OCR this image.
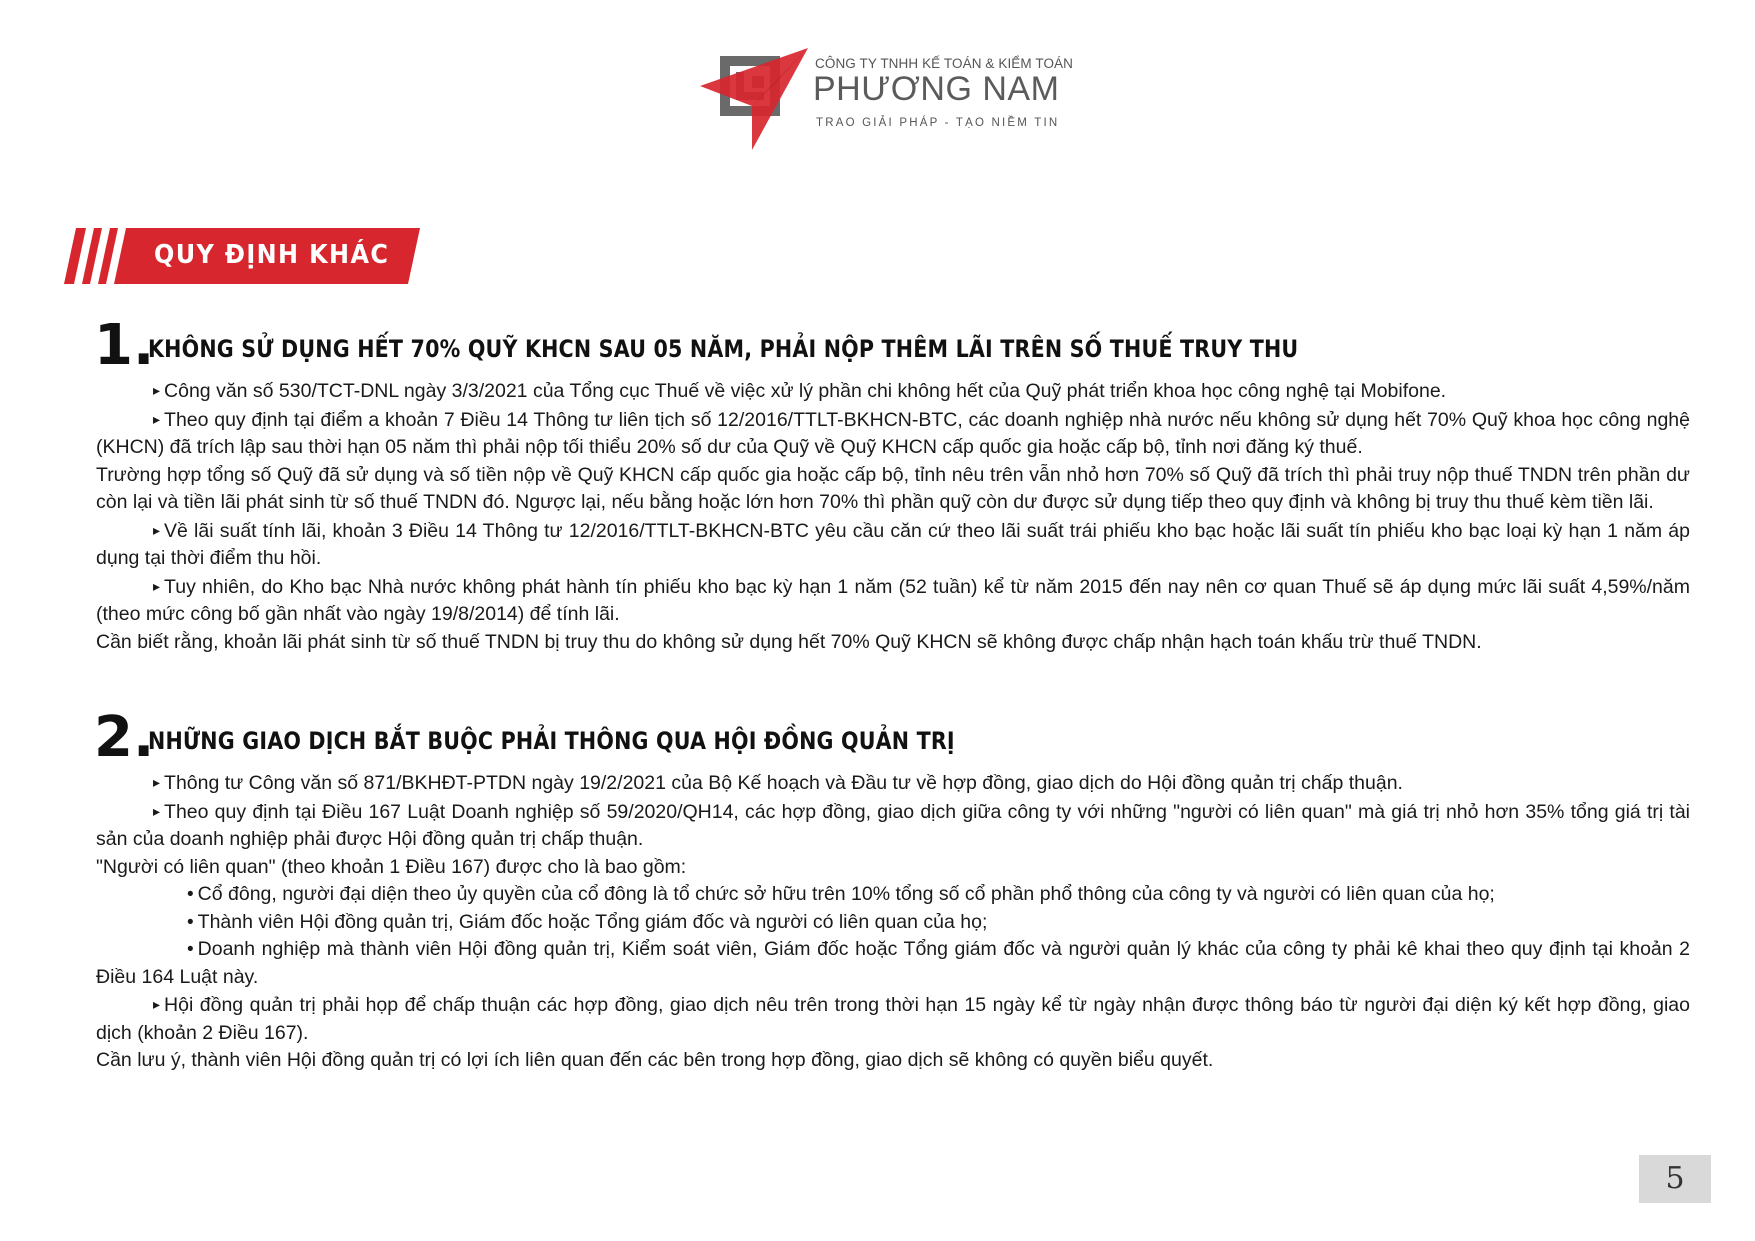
CÔNG TY TNHH KẾ TOÁN & KIỂM TOÁN
PHƯƠNG NAM
TRAO GIẢI PHÁP - TẠO NIỀM TIN
QUY ĐỊNH KHÁC
1.
KHÔNG SỬ DỤNG HẾT 70% QUỸ KHCN SAU 05 NĂM, PHẢI NỘP THÊM LÃI TRÊN SỐ THUẾ TRUY THU

▸ Công văn số 530/TCT-DNL ngày 3/3/2021 của Tổng cục Thuế về việc xử lý phần chi không hết của Quỹ phát triển khoa học công nghệ tại Mobifone.

▸ Theo quy định tại điểm a khoản 7 Điều 14 Thông tư liên tịch số 12/2016/TTLT-BKHCN-BTC, các doanh nghiệp nhà nước nếu không sử dụng hết 70% Quỹ khoa học công nghệ (KHCN) đã trích lập sau thời hạn 05 năm thì phải nộp tối thiểu 20% số dư của Quỹ về Quỹ KHCN cấp quốc gia hoặc cấp bộ, tỉnh nơi đăng ký thuế.

Trường hợp tổng số Quỹ đã sử dụng và số tiền nộp về Quỹ KHCN cấp quốc gia hoặc cấp bộ, tỉnh nêu trên vẫn nhỏ hơn 70% số Quỹ đã trích thì phải truy nộp thuế TNDN trên phần dư còn lại và tiền lãi phát sinh từ số thuế TNDN đó. Ngược lại, nếu bằng hoặc lớn hơn 70% thì phần quỹ còn dư được sử dụng tiếp theo quy định và không bị truy thu thuế kèm tiền lãi.

▸ Về lãi suất tính lãi, khoản 3 Điều 14 Thông tư 12/2016/TTLT-BKHCN-BTC yêu cầu căn cứ theo lãi suất trái phiếu kho bạc hoặc lãi suất tín phiếu kho bạc loại kỳ hạn 1 năm áp dụng tại thời điểm thu hồi.

▸ Tuy nhiên, do Kho bạc Nhà nước không phát hành tín phiếu kho bạc kỳ hạn 1 năm (52 tuần) kể từ năm 2015 đến nay nên cơ quan Thuế sẽ áp dụng mức lãi suất 4,59%/năm (theo mức công bố gần nhất vào ngày 19/8/2014) để tính lãi.

Cần biết rằng, khoản lãi phát sinh từ số thuế TNDN bị truy thu do không sử dụng hết 70% Quỹ KHCN sẽ không được chấp nhận hạch toán khấu trừ thuế TNDN.

2.
NHỮNG GIAO DỊCH BẮT BUỘC PHẢI THÔNG QUA HỘI ĐỒNG QUẢN TRỊ

▸ Thông tư Công văn số 871/BKHĐT-PTDN ngày 19/2/2021 của Bộ Kế hoạch và Đầu tư về hợp đồng, giao dịch do Hội đồng quản trị chấp thuận.

▸ Theo quy định tại Điều 167 Luật Doanh nghiệp số 59/2020/QH14, các hợp đồng, giao dịch giữa công ty với những "người có liên quan" mà giá trị nhỏ hơn 35% tổng giá trị tài sản của doanh nghiệp phải được Hội đồng quản trị chấp thuận.

"Người có liên quan" (theo khoản 1 Điều 167) được cho là bao gồm:

• Cổ đông, người đại diện theo ủy quyền của cổ đông là tổ chức sở hữu trên 10% tổng số cổ phần phổ thông của công ty và người có liên quan của họ;

• Thành viên Hội đồng quản trị, Giám đốc hoặc Tổng giám đốc và người có liên quan của họ;

• Doanh nghiệp mà thành viên Hội đồng quản trị, Kiểm soát viên, Giám đốc hoặc Tổng giám đốc và người quản lý khác của công ty phải kê khai theo quy định tại khoản 2 Điều 164 Luật này.

▸ Hội đồng quản trị phải họp để chấp thuận các hợp đồng, giao dịch nêu trên trong thời hạn 15 ngày kể từ ngày nhận được thông báo từ người đại diện ký kết hợp đồng, giao dịch (khoản 2 Điều 167).

Cần lưu ý, thành viên Hội đồng quản trị có lợi ích liên quan đến các bên trong hợp đồng, giao dịch sẽ không có quyền biểu quyết.

5
